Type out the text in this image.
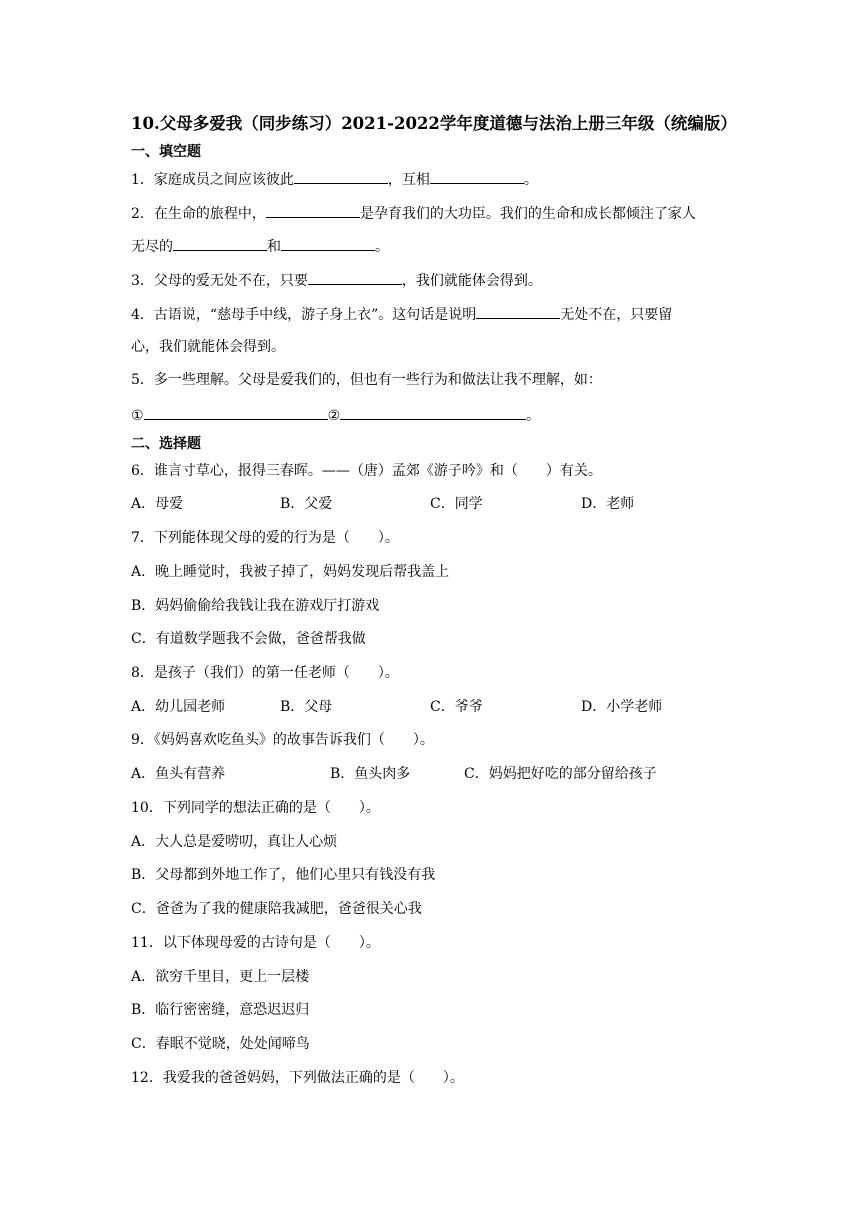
10.父母多爱我（同步练习）2021-2022学年度道德与法治上册三年级（统编版）
一、填空题
1．家庭成员之间应该彼此	，互相	。
2．在生命的旅程中，	是孕育我们的大功臣。我们的生命和成长都倾注了家人
无尽的	和	。
3．父母的爱无处不在，只要	，我们就能体会得到。
4．古语说，“慈母手中线，游子身上衣”。这句话是说明	无处不在，只要留
心，我们就能体会得到。
5．多一些理解。父母是爱我们的，但也有一些行为和做法让我不理解，如：
①	②	。
二、选择题
6．谁言寸草心，报得三春晖。——（唐）孟郊《游子吟》和（　　）有关。
A．母爱	B．父爱	C．同学	D．老师
7．下列能体现父母的爱的行为是（　　）。
A．晚上睡觉时，我被子掉了，妈妈发现后帮我盖上
B．妈妈偷偷给我钱让我在游戏厅打游戏
C．有道数学题我不会做，爸爸帮我做
8．是孩子（我们）的第一任老师（　　）。
A．幼儿园老师	B．父母	C．爷爷	D．小学老师
9．《妈妈喜欢吃鱼头》的故事告诉我们（　　）。
A．鱼头有营养	B．鱼头肉多	C．妈妈把好吃的部分留给孩子
10．下列同学的想法正确的是（　　）。
A．大人总是爱唠叨，真让人心烦
B．父母都到外地工作了，他们心里只有钱没有我
C．爸爸为了我的健康陪我减肥，爸爸很关心我
11．以下体现母爱的古诗句是（　　）。
A．欲穷千里目，更上一层楼
B．临行密密缝，意恐迟迟归
C．春眠不觉晓，处处闻啼鸟
12．我爱我的爸爸妈妈，下列做法正确的是（　　）。
